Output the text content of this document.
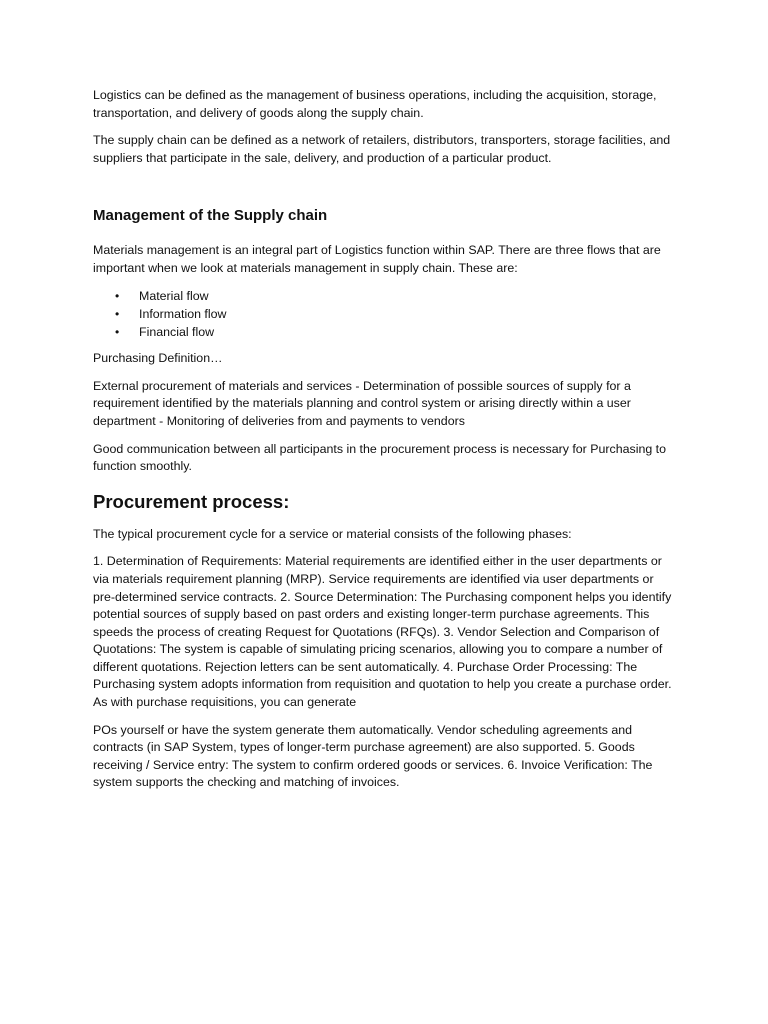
Logistics can be defined as the management of business operations, including the acquisition, storage, transportation, and delivery of goods along the supply chain.

The supply chain can be defined as a network of retailers, distributors, transporters, storage facilities, and suppliers that participate in the sale, delivery, and production of a particular product.

Management of the Supply chain

Materials management is an integral part of Logistics function within SAP. There are three flows that are important when we look at materials management in supply chain. These are:

• Material flow
• Information flow
• Financial flow

Purchasing Definition…

External procurement of materials and services - Determination of possible sources of supply for a requirement identified by the materials planning and control system or arising directly within a user department - Monitoring of deliveries from and payments to vendors

Good communication between all participants in the procurement process is necessary for Purchasing to function smoothly.

Procurement process:

The typical procurement cycle for a service or material consists of the following phases:

1. Determination of Requirements: Material requirements are identified either in the user departments or via materials requirement planning (MRP). Service requirements are identified via user departments or pre-determined service contracts. 2. Source Determination: The Purchasing component helps you identify potential sources of supply based on past orders and existing longer-term purchase agreements. This speeds the process of creating Request for Quotations (RFQs). 3. Vendor Selection and Comparison of Quotations: The system is capable of simulating pricing scenarios, allowing you to compare a number of different quotations. Rejection letters can be sent automatically. 4. Purchase Order Processing: The Purchasing system adopts information from requisition and quotation to help you create a purchase order. As with purchase requisitions, you can generate

POs yourself or have the system generate them automatically. Vendor scheduling agreements and contracts (in SAP System, types of longer-term purchase agreement) are also supported. 5. Goods receiving / Service entry: The system to confirm ordered goods or services. 6. Invoice Verification: The system supports the checking and matching of invoices.
